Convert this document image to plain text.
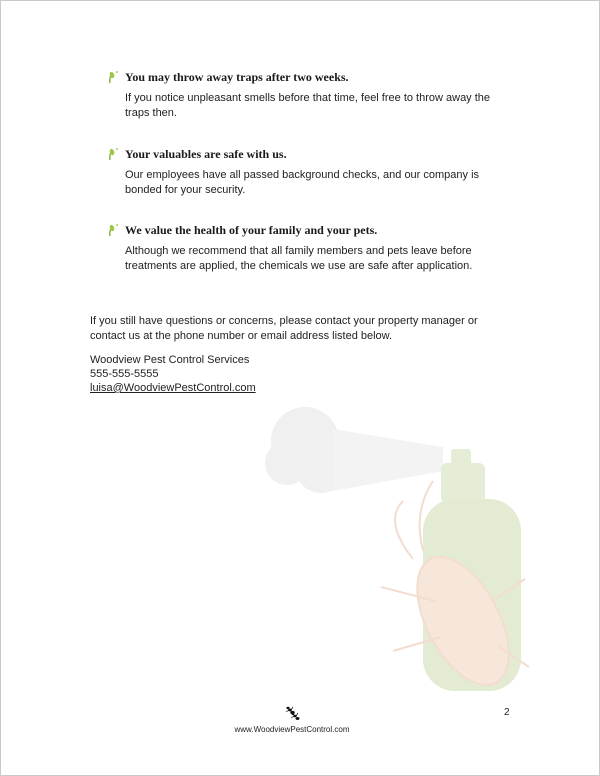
You may throw away traps after two weeks.
If you notice unpleasant smells before that time, feel free to throw away the traps then.
Your valuables are safe with us.
Our employees have all passed background checks, and our company is bonded for your security.
We value the health of your family and your pets.
Although we recommend that all family members and pets leave before treatments are applied, the chemicals we use are safe after application.
If you still have questions or concerns, please contact your property manager or contact us at the phone number or email address listed below.
Woodview Pest Control Services
555-555-5555
luisa@WoodviewPestControl.com
www.WoodviewPestControl.com
2
